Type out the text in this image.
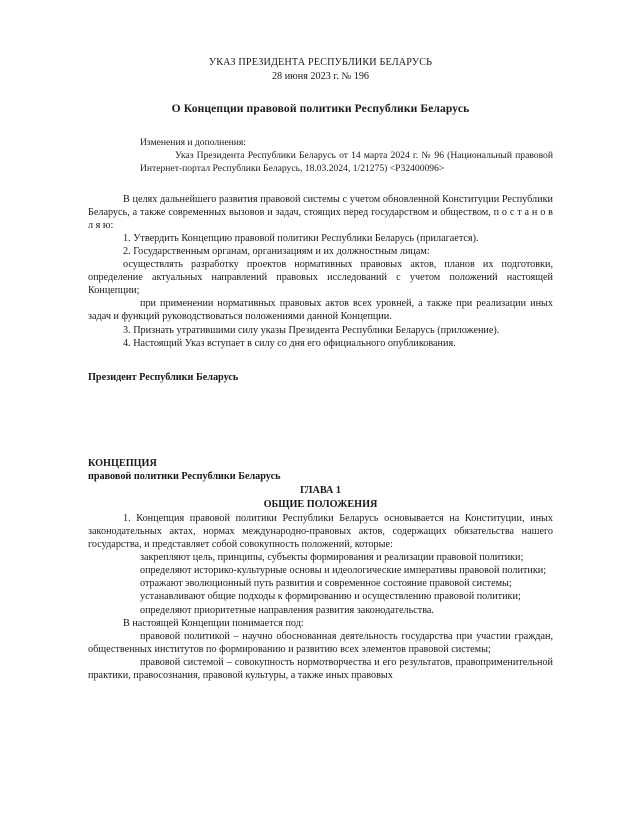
УКАЗ ПРЕЗИДЕНТА РЕСПУБЛИКИ БЕЛАРУСЬ
28 июня 2023 г. № 196
О Концепции правовой политики Республики Беларусь
Изменения и дополнения:
Указ Президента Республики Беларусь от 14 марта 2024 г. № 96 (Национальный правовой Интернет-портал Республики Беларусь, 18.03.2024, 1/21275) <P32400096>

В целях дальнейшего развития правовой системы с учетом обновленной Конституции Республики Беларусь, а также современных вызовов и задач, стоящих перед государством и обществом, п о с т а н о в л я ю:

1. Утвердить Концепцию правовой политики Республики Беларусь (прилагается).

2. Государственным органам, организациям и их должностным лицам:

осуществлять разработку проектов нормативных правовых актов, планов их подготовки, определение актуальных направлений правовых исследований с учетом положений настоящей Концепции;

при применении нормативных правовых актов всех уровней, а также при реализации иных задач и функций руководствоваться положениями данной Концепции.

3. Признать утратившими силу указы Президента Республики Беларусь (приложение).

4. Настоящий Указ вступает в силу со дня его официального опубликования.

Президент Республики Беларусь
КОНЦЕПЦИЯ
правовой политики Республики Беларусь
ГЛАВА 1
ОБЩИЕ ПОЛОЖЕНИЯ

1. Концепция правовой политики Республики Беларусь основывается на Конституции, иных законодательных актах, нормах международно-правовых актов, содержащих обязательства нашего государства, и представляет собой совокупность положений, которые:

закрепляют цель, принципы, субъекты формирования и реализации правовой политики;

определяют историко-культурные основы и идеологические императивы правовой политики;

отражают эволюционный путь развития и современное состояние правовой системы;

устанавливают общие подходы к формированию и осуществлению правовой политики;

определяют приоритетные направления развития законодательства.

В настоящей Концепции понимается под:

правовой политикой – научно обоснованная деятельность государства при участии граждан, общественных институтов по формированию и развитию всех элементов правовой системы;

правовой системой – совокупность нормотворчества и его результатов, правоприменительной практики, правосознания, правовой культуры, а также иных правовых
